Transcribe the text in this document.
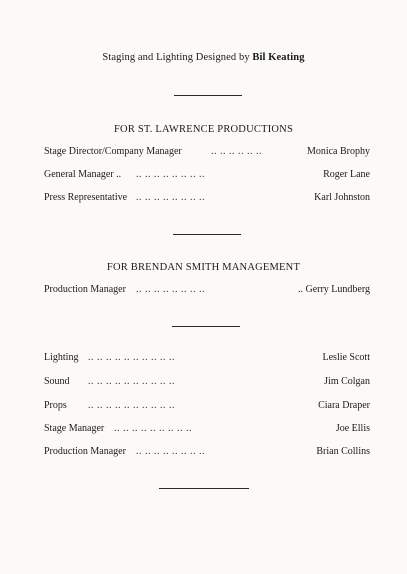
Staging and Lighting Designed by Bil Keating
FOR ST. LAWRENCE PRODUCTIONS
Stage Director/Company Manager	.. .. .. .. .. ..	Monica Brophy
General Manager .. .. .. .. .. .. .. .. ..	Roger Lane
Press Representative .. .. .. .. .. .. .. ..	Karl Johnston
FOR BRENDAN SMITH MANAGEMENT
Production Manager .. .. .. .. .. .. .. ..	.. Gerry Lundberg
Lighting .. .. .. .. .. .. .. .. .. ..	Leslie Scott
Sound .. .. .. .. .. .. .. .. .. ..	Jim Colgan
Props .. .. .. .. .. .. .. .. .. ..	Ciara Draper
Stage Manager .. .. .. .. .. .. .. .. ..	Joe Ellis
Production Manager .. .. .. .. .. .. .. ..	Brian Collins
